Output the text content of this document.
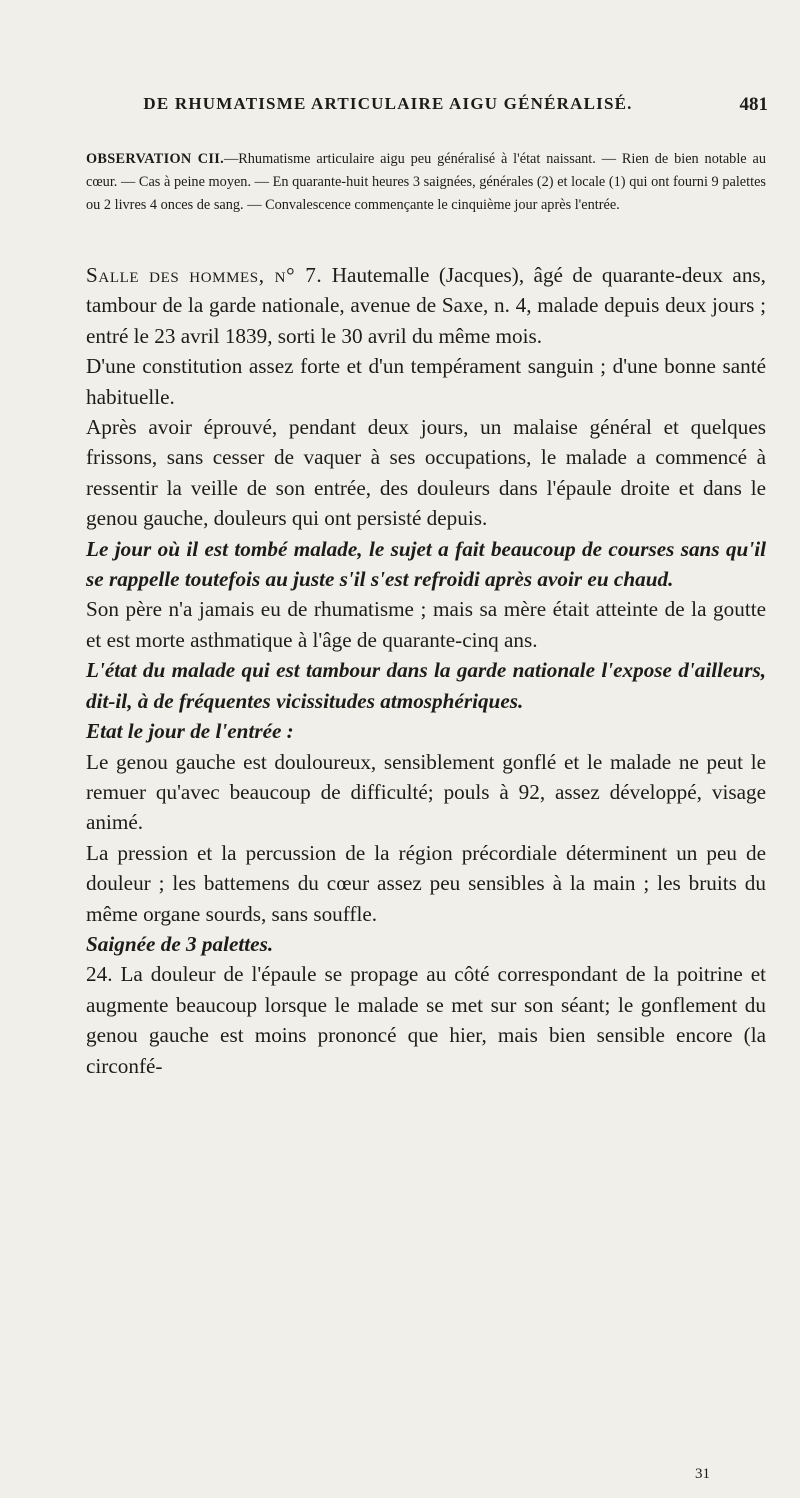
DE RHUMATISME ARTICULAIRE AIGU GÉNÉRALISÉ.	481
OBSERVATION CII.—Rhumatisme articulaire aigu peu généralisé à l'état naissant. — Rien de bien notable au cœur. — Cas à peine moyen. — En quarante-huit heures 3 saignées, générales (2) et locale (1) qui ont fourni 9 palettes ou 2 livres 4 onces de sang. — Convalescence commençante le cinquième jour après l'entrée.

Salle des hommes, n° 7. Hautemalle (Jacques), âgé de quarante-deux ans, tambour de la garde nationale, avenue de Saxe, n. 4, malade depuis deux jours ; entré le 23 avril 1839, sorti le 30 avril du même mois.

D'une constitution assez forte et d'un tempérament sanguin ; d'une bonne santé habituelle.

Après avoir éprouvé, pendant deux jours, un malaise général et quelques frissons, sans cesser de vaquer à ses occupations, le malade a commencé à ressentir la veille de son entrée, des douleurs dans l'épaule droite et dans le genou gauche, douleurs qui ont persisté depuis.

Le jour où il est tombé malade, le sujet a fait beaucoup de courses sans qu'il se rappelle toutefois au juste s'il s'est refroidi après avoir eu chaud.

Son père n'a jamais eu de rhumatisme ; mais sa mère était atteinte de la goutte et est morte asthmatique à l'âge de quarante-cinq ans.

L'état du malade qui est tambour dans la garde nationale l'expose d'ailleurs, dit-il, à de fréquentes vicissitudes atmosphériques.

Etat le jour de l'entrée :

Le genou gauche est douloureux, sensiblement gonflé et le malade ne peut le remuer qu'avec beaucoup de difficulté; pouls à 92, assez développé, visage animé.

La pression et la percussion de la région précordiale déterminent un peu de douleur ; les battemens du cœur assez peu sensibles à la main ; les bruits du même organe sourds, sans souffle.

Saignée de 3 palettes.

24. La douleur de l'épaule se propage au côté correspondant de la poitrine et augmente beaucoup lorsque le malade se met sur son séant; le gonflement du genou gauche est moins prononcé que hier, mais bien sensible encore (la circonfé-

31
